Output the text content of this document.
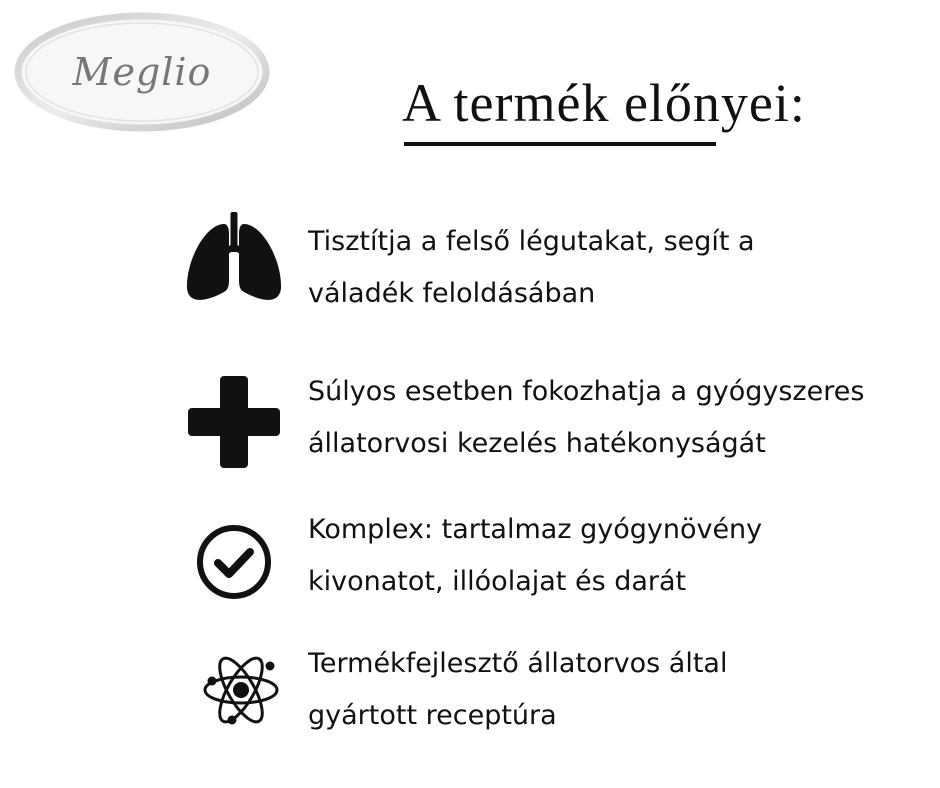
Meglio
A termék előnyei:
Tisztítja a felső légutakat, segít a
váladék feloldásában
Súlyos esetben fokozhatja a gyógyszeres
állatorvosi kezelés hatékonyságát
Komplex: tartalmaz gyógynövény
kivonatot, illóolajat és darát
Termékfejlesztő állatorvos által
gyártott receptúra
